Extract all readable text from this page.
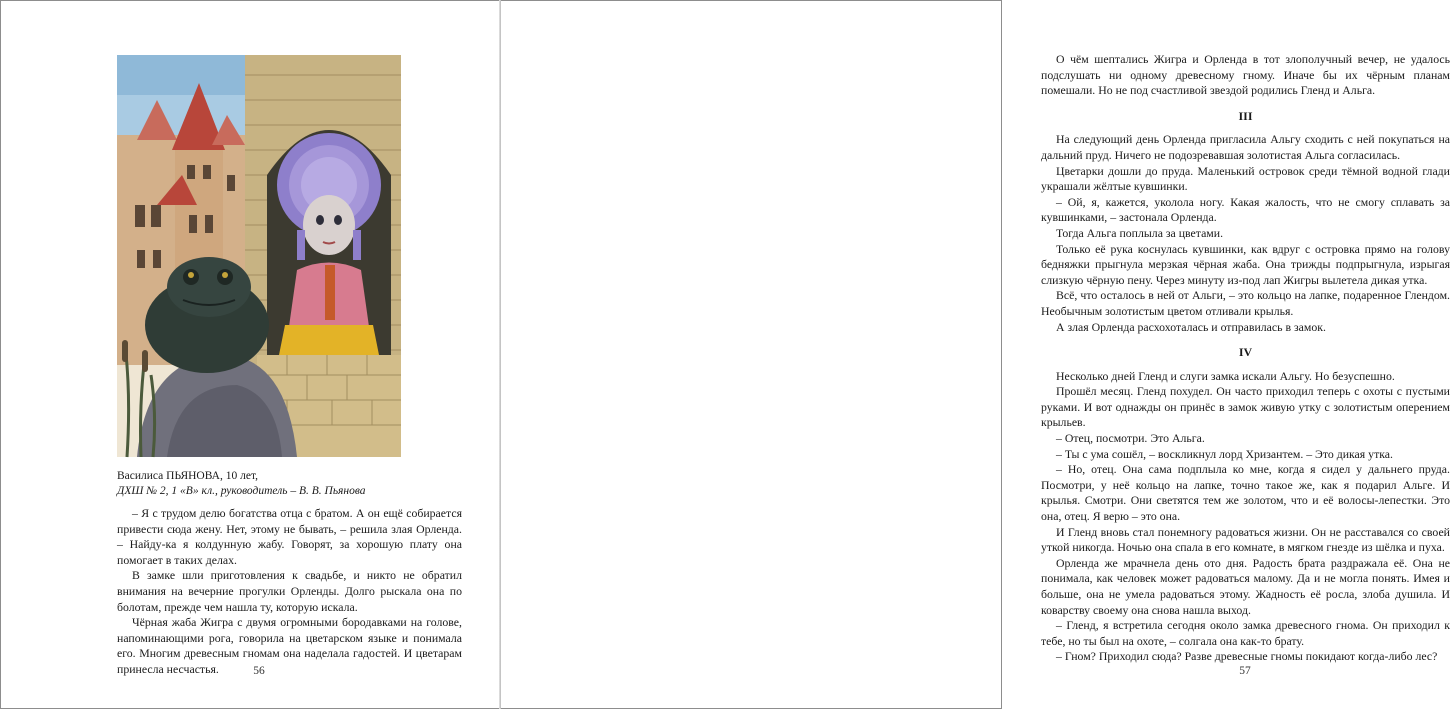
Василиса ПЬЯНОВА, 10 лет,
ДХШ № 2, 1 «В» кл., руководитель – В. В. Пьянова

– Я с трудом делю богатства отца с братом. А он ещё собирается привести сюда жену. Нет, этому не бывать, – решила злая Орленда. – Найду-ка я колдунную жабу. Говорят, за хорошую плату она помогает в таких делах.

В замке шли приготовления к свадьбе, и никто не обратил внимания на вечерние прогулки Орленды. Долго рыскала она по болотам, прежде чем нашла ту, которую искала.

Чёрная жаба Жигра с двумя огромными бородавками на голове, напоминающими рога, говорила на цветарском языке и понимала его. Многим древесным гномам она наделала гадостей. И цветарам принесла несчастья.	56

О чём шептались Жигра и Орленда в тот злополучный вечер, не удалось подслушать ни одному древесному гному. Иначе бы их чёрным планам помешали. Но не под счастливой звездой родились Гленд и Альга.

III

На следующий день Орленда пригласила Альгу сходить с ней покупаться на дальний пруд. Ничего не подозревавшая золотистая Альга согласилась.

Цветарки дошли до пруда. Маленький островок среди тёмной водной глади украшали жёлтые кувшинки.

– Ой, я, кажется, уколола ногу. Какая жалость, что не смогу сплавать за кувшинками, – застонала Орленда.

Тогда Альга поплыла за цветами.

Только её рука коснулась кувшинки, как вдруг с островка прямо на голову бедняжки прыгнула мерзкая чёрная жаба. Она трижды подпрыгнула, изрыгая слизкую чёрную пену. Через минуту из-под лап Жигры вылетела дикая утка.

Всё, что осталось в ней от Альги, – это кольцо на лапке, подаренное Глендом. Необычным золотистым цветом отливали крылья.

А злая Орленда расхохоталась и отправилась в замок.

IV

Несколько дней Гленд и слуги замка искали Альгу. Но безуспешно.

Прошёл месяц. Гленд похудел. Он часто приходил теперь с охоты с пустыми руками. И вот однажды он принёс в замок живую утку с золотистым оперением крыльев.

– Отец, посмотри. Это Альга.

– Ты с ума сошёл, – воскликнул лорд Хризантем. – Это дикая утка.

– Но, отец. Она сама подплыла ко мне, когда я сидел у дальнего пруда. Посмотри, у неё кольцо на лапке, точно такое же, как я подарил Альге. И крылья. Смотри. Они светятся тем же золотом, что и её волосы-лепестки. Это она, отец. Я верю – это она.

И Гленд вновь стал понемногу радоваться жизни. Он не расставался со своей уткой никогда. Ночью она спала в его комнате, в мягком гнезде из шёлка и пуха.

Орленда же мрачнела день ото дня. Радость брата раздражала её. Она не понимала, как человек может радоваться малому. Да и не могла понять. Имея и больше, она не умела радоваться этому. Жадность её росла, злоба душила. И коварству своему она снова нашла выход.

– Гленд, я встретила сегодня около замка древесного гнома. Он приходил к тебе, но ты был на охоте, – солгала она как-то брату.

– Гном? Приходил сюда? Разве древесные гномы покидают когда-либо лес?

57
